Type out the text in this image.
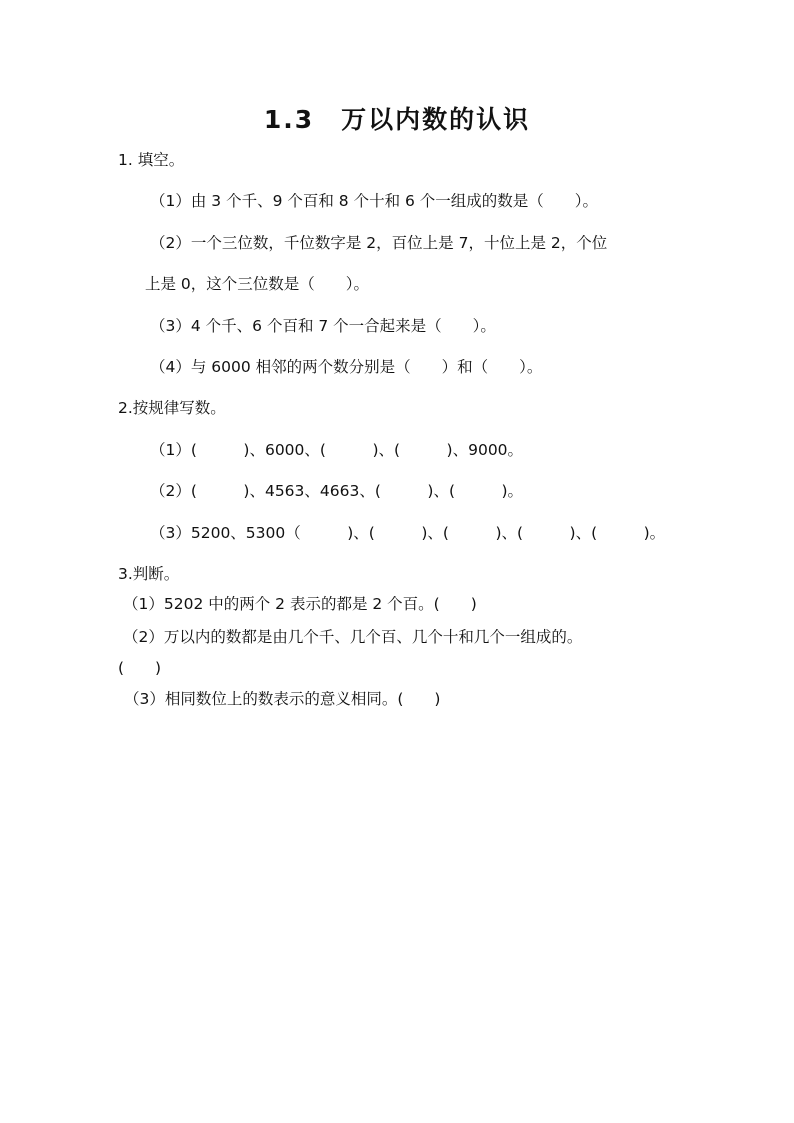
1.3　万以内数的认识
1. 填空。
（1）由 3 个千、9 个百和 8 个十和 6 个一组成的数是（　　）。
（2）一个三位数，千位数字是 2，百位上是 7，十位上是 2，个位
上是 0，这个三位数是（　　）。
（3）4 个千、6 个百和 7 个一合起来是（　　）。
（4）与 6000 相邻的两个数分别是（　　）和（　　）。
2.按规律写数。
（1）(　　　)、6000、(　　　)、(　　　)、9000。
（2）(　　　)、4563、4663、(　　　)、(　　　)。
（3）5200、5300（　　　)、(　　　)、(　　　)、(　　　)、(　　　)。
3.判断。
（1）5202 中的两个 2 表示的都是 2 个百。(　　)
（2）万以内的数都是由几个千、几个百、几个十和几个一组成的。
(　　)
（3）相同数位上的数表示的意义相同。(　　)
